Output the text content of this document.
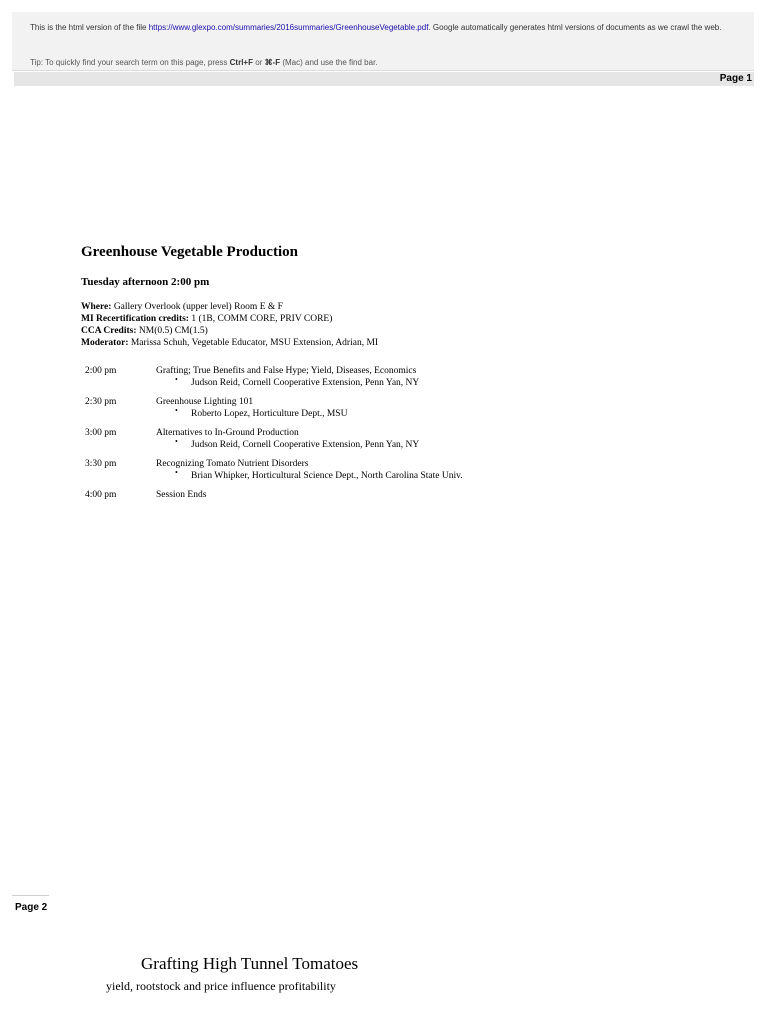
This is the html version of the file https://www.glexpo.com/summaries/2016summaries/GreenhouseVegetable.pdf. Google automatically generates html versions of documents as we crawl the web.
Tip: To quickly find your search term on this page, press Ctrl+F or ⌘-F (Mac) and use the find bar.
Page 1
Greenhouse Vegetable Production
Tuesday afternoon 2:00 pm
Where: Gallery Overlook (upper level) Room E & F
MI Recertification credits: 1 (1B, COMM CORE, PRIV CORE)
CCA Credits: NM(0.5) CM(1.5)
Moderator: Marissa Schuh, Vegetable Educator, MSU Extension, Adrian, MI
2:00 pm	Grafting; True Benefits and False Hype; Yield, Diseases, Economics
• Judson Reid, Cornell Cooperative Extension, Penn Yan, NY
2:30 pm	Greenhouse Lighting 101
• Roberto Lopez, Horticulture Dept., MSU
3:00 pm	Alternatives to In-Ground Production
• Judson Reid, Cornell Cooperative Extension, Penn Yan, NY
3:30 pm	Recognizing Tomato Nutrient Disorders
• Brian Whipker, Horticultural Science Dept., North Carolina State Univ.
4:00 pm	Session Ends
Page 2
Grafting High Tunnel Tomatoes
yield, rootstock and price influence profitability
